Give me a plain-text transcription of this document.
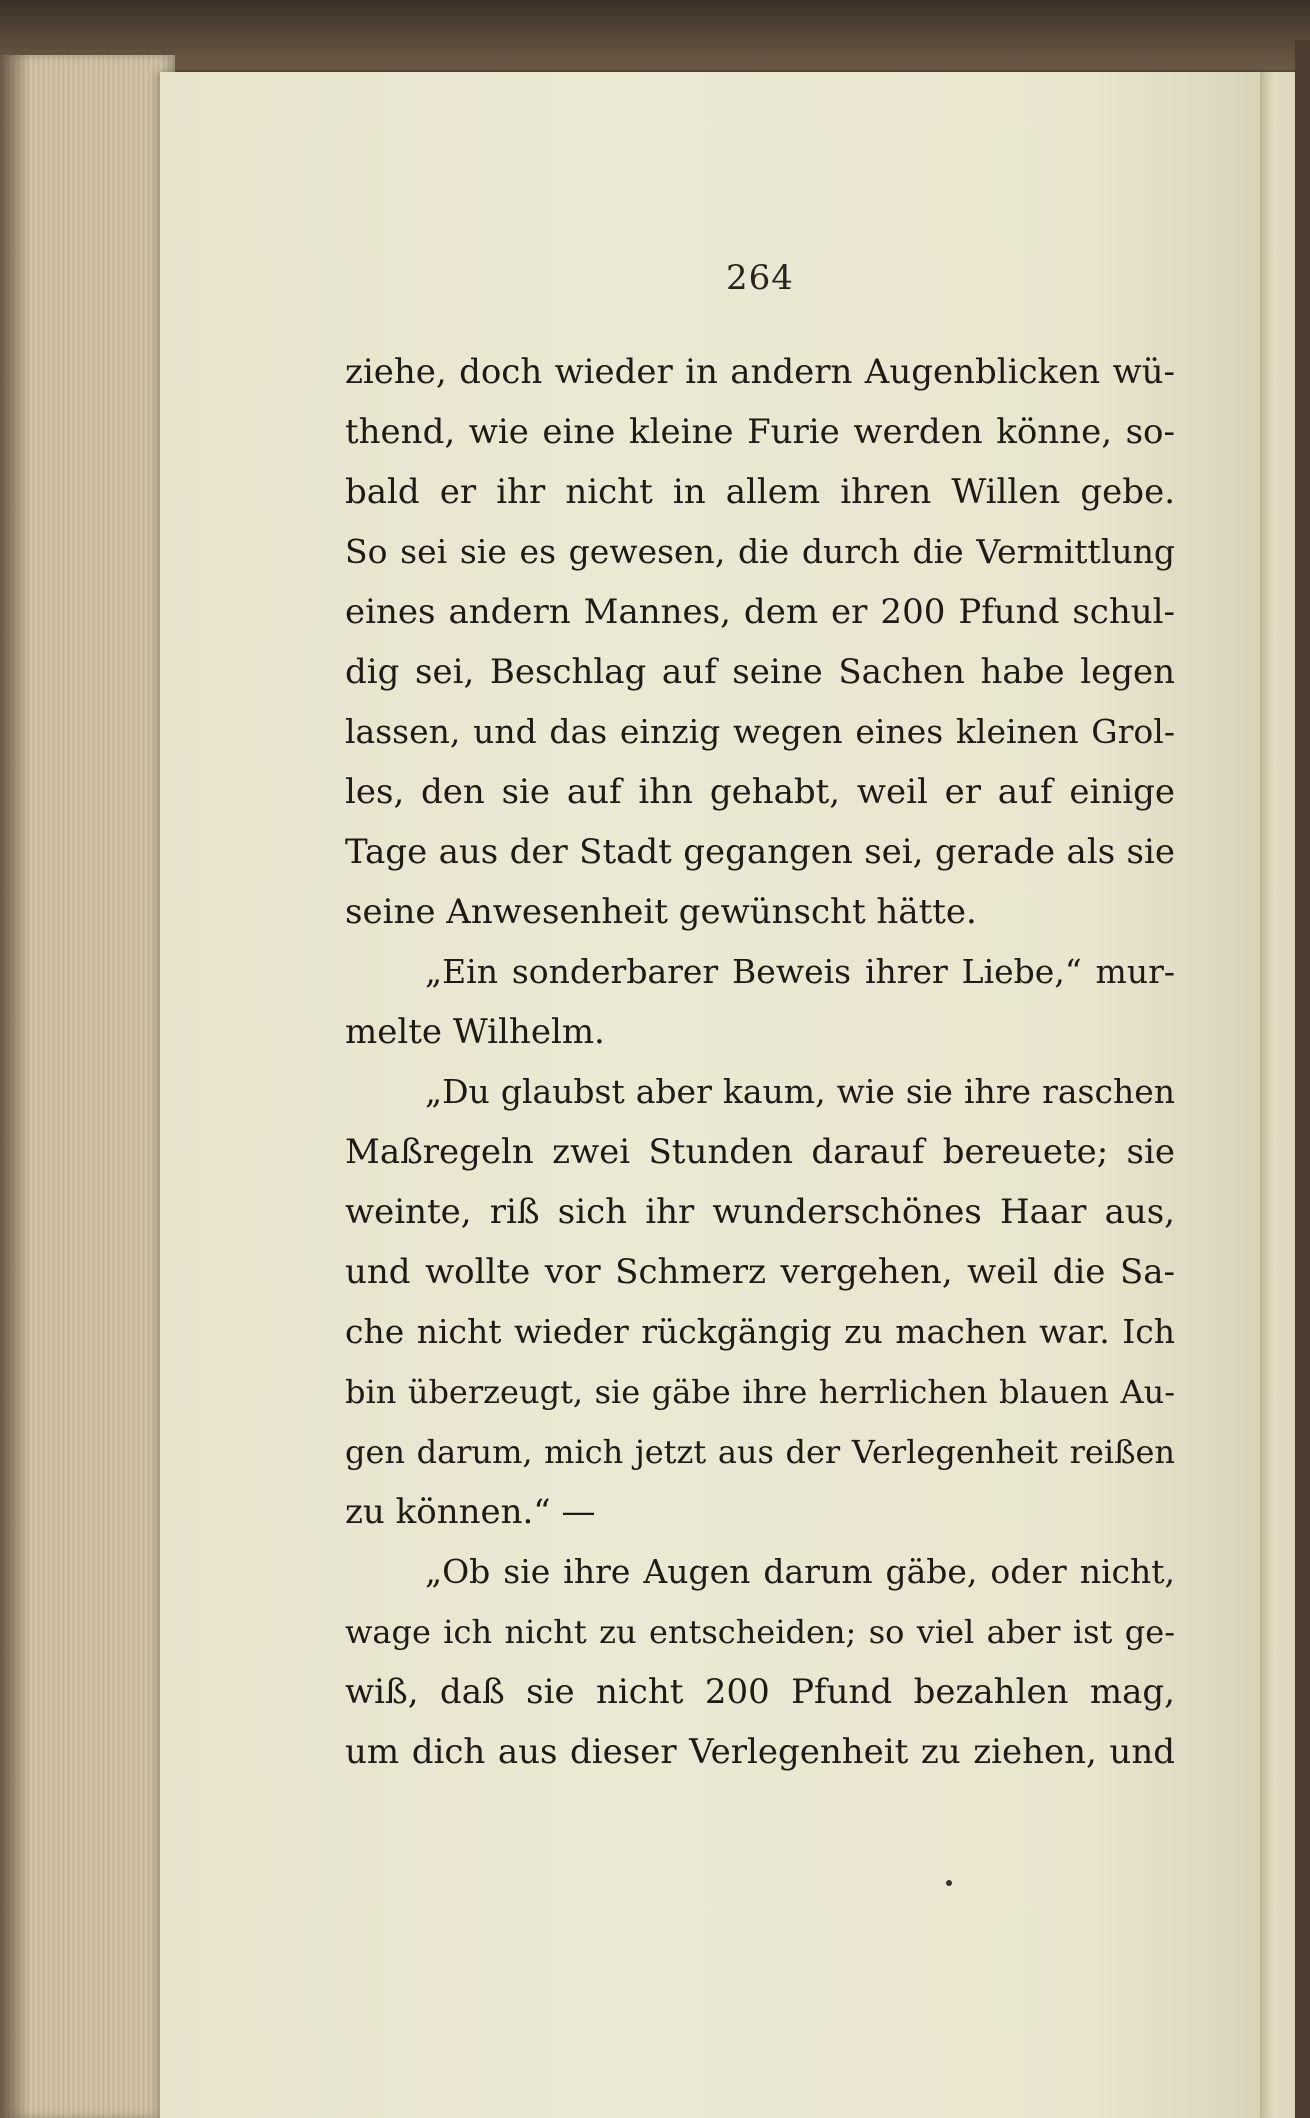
264
ziehe, doch wieder in andern Augenblicken wü-
thend, wie eine kleine Furie werden könne, so-
bald er ihr nicht in allem ihren Willen gebe.
So sei sie es gewesen, die durch die Vermittlung
eines andern Mannes, dem er 200 Pfund schul-
dig sei, Beschlag auf seine Sachen habe legen
lassen, und das einzig wegen eines kleinen Grol-
les, den sie auf ihn gehabt, weil er auf einige
Tage aus der Stadt gegangen sei, gerade als sie
seine Anwesenheit gewünscht hätte.
„Ein sonderbarer Beweis ihrer Liebe,“ mur-
melte Wilhelm.
„Du glaubst aber kaum, wie sie ihre raschen
Maßregeln zwei Stunden darauf bereuete; sie
weinte, riß sich ihr wunderschönes Haar aus,
und wollte vor Schmerz vergehen, weil die Sa-
che nicht wieder rückgängig zu machen war. Ich
bin überzeugt, sie gäbe ihre herrlichen blauen Au-
gen darum, mich jetzt aus der Verlegenheit reißen
zu können.“ —
„Ob sie ihre Augen darum gäbe, oder nicht,
wage ich nicht zu entscheiden; so viel aber ist ge-
wiß, daß sie nicht 200 Pfund bezahlen mag,
um dich aus dieser Verlegenheit zu ziehen, und
